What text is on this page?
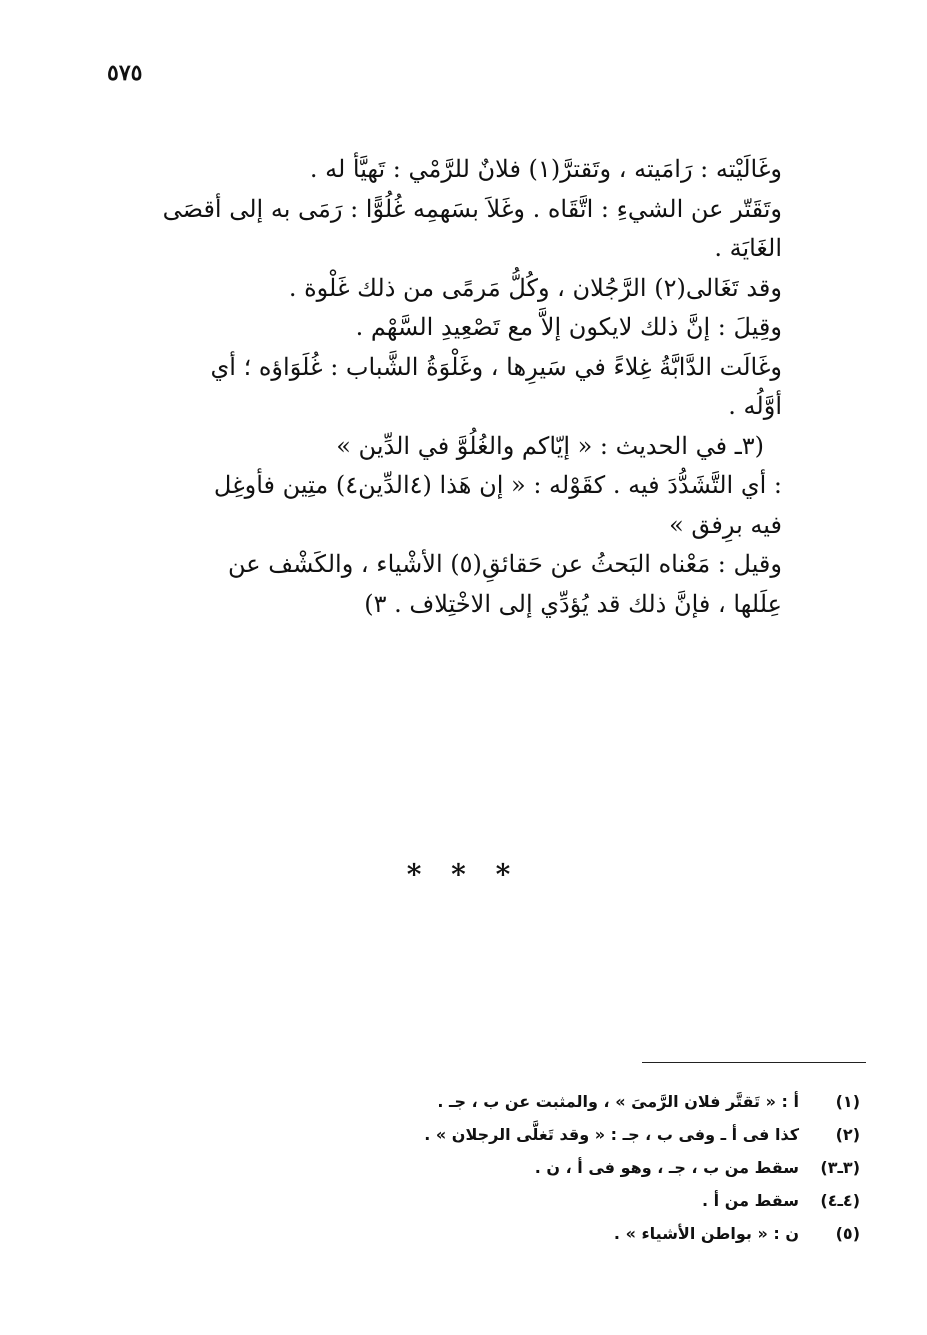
٥٧٥

وغَالَيْته : رَامَيته ، وتَقترَّ(١) فلانٌ للرَّمْي : تَهيَّأ له .

وتَقَتّر عن الشيءِ : اتَّقَاه . وغَلاَ بسَهمِه غُلُوًّا : رَمَى به إلى أقصَى

الغَايَة .

وقد تَغَالى(٢) الرَّجُلان ، وكُلُّ مَرمًى من ذلك غَلْوة .

وقِيلَ : إنَّ ذلك لايكون إلاَّ مع تَصْعِيدِ السَّهْم .

وغَالَت الدَّابَّةُ غِلاءً في سَيرِها ، وغَلْوَةُ الشَّباب : غُلَوَاؤه ؛ أي

أوَّلُه .

(٣ـ في الحديث : « إيّاكم والغُلُوَّ في الدِّين »

: أي التَّشَدُّدَ فيه . كقَوْله : « إن هَذا (٤الدِّين٤) متِين فأوغِل

فيه برِفق »

وقيل : مَعْناه البَحثُ عن حَقائقِ(٥) الأشْياء ، والكَشْف عن

عِلَلها ، فإنَّ ذلك قد يُؤدِّي إلى الاخْتِلاف . ٣)

* * *
(١)
أ : « تَقتَّر فلان الرَّمىَ » ، والمثبت عن ب ، جـ .
(٢)
كذا فى أ ـ وفى ب ، جـ : « وقد تَغلَّى الرجلان » .
(٣ـ٣)
سقط من ب ، جـ ، وهو فى أ ، ن .
(٤ـ٤)
سقط من أ .
(٥)
ن : « بواطن الأشياء » .
